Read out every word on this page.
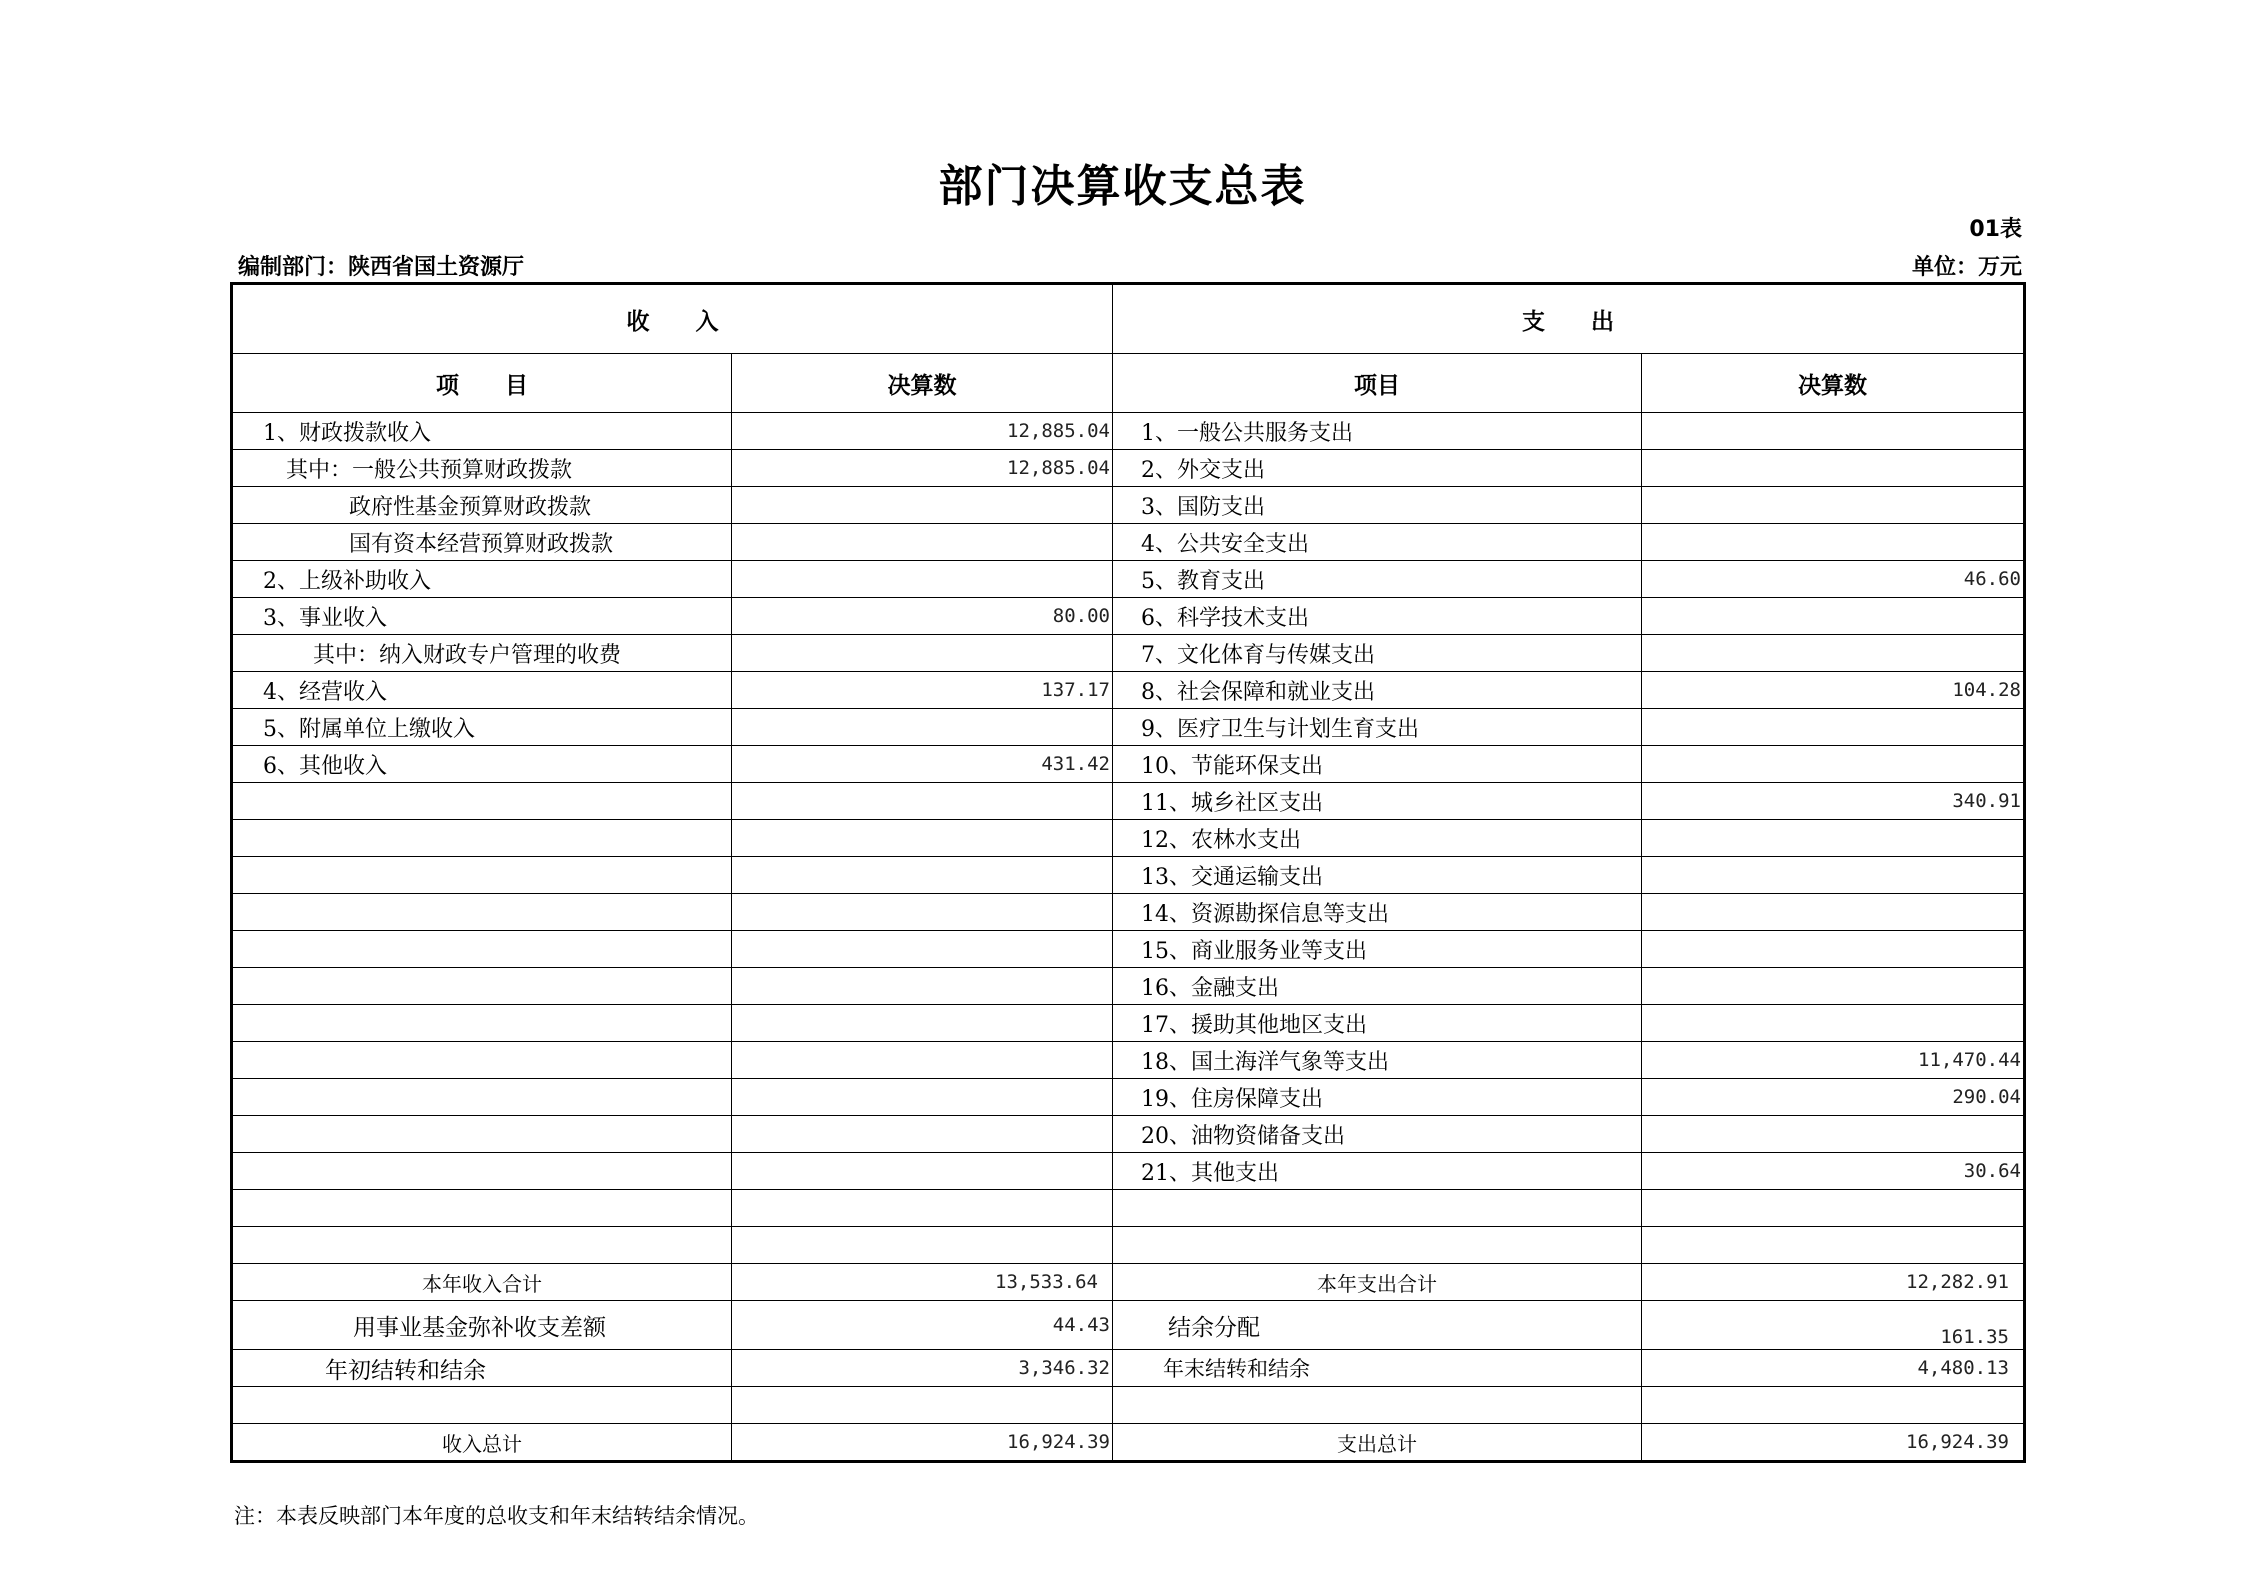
部门决算收支总表
01表
编制部门：陕西省国土资源厅	单位：万元
收　　入		支　　出	
项　　目	决算数	项目	决算数
1、财政拨款收入	12,885.04	1、一般公共服务支出	
其中：一般公共预算财政拨款	12,885.04	2、外交支出	
政府性基金预算财政拨款		3、国防支出	
国有资本经营预算财政拨款		4、公共安全支出	
2、上级补助收入		5、教育支出	46.60
3、事业收入	80.00	6、科学技术支出	
其中：纳入财政专户管理的收费		7、文化体育与传媒支出	
4、经营收入	137.17	8、社会保障和就业支出	104.28
5、附属单位上缴收入		9、医疗卫生与计划生育支出	
6、其他收入	431.42	10、节能环保支出	
		11、城乡社区支出	340.91
		12、农林水支出	
		13、交通运输支出	
		14、资源勘探信息等支出	
		15、商业服务业等支出	
		16、金融支出	
		17、援助其他地区支出	
		18、国土海洋气象等支出	11,470.44
		19、住房保障支出	290.04
		20、油物资储备支出	
		21、其他支出	30.64

本年收入合计	13,533.64	本年支出合计	12,282.91
用事业基金弥补收支差额	44.43	结余分配	161.35
年初结转和结余	3,346.32	年末结转和结余	4,480.13

收入总计	16,924.39	支出总计	16,924.39
注：本表反映部门本年度的总收支和年末结转结余情况。
